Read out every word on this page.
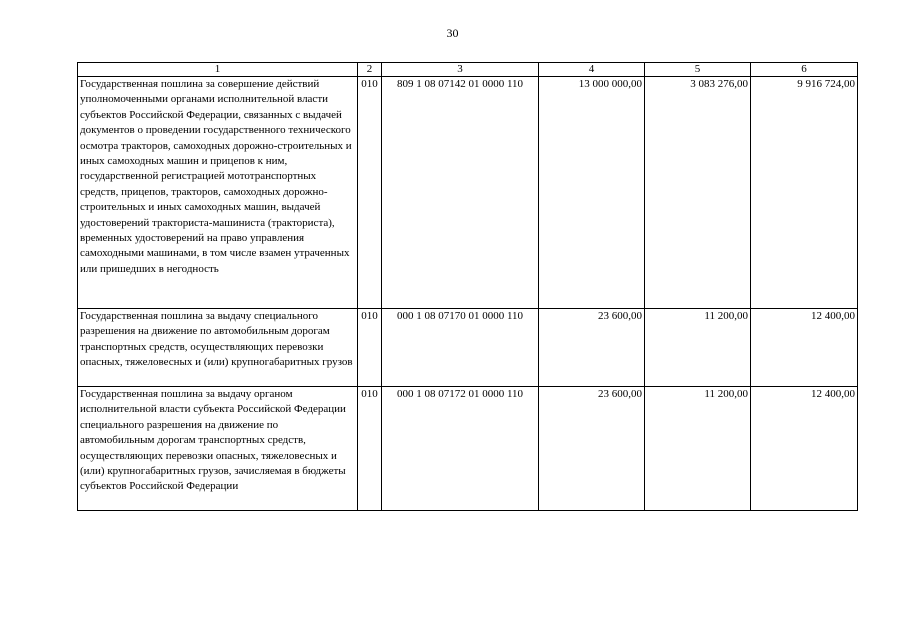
30
1	2	3	4	5	6

Государственная пошлина за совершение действий уполномоченными органами исполнительной власти субъектов Российской Федерации, связанных с выдачей документов о проведении государственного технического осмотра тракторов, самоходных дорожно-строительных и иных самоходных машин и прицепов к ним, государственной регистрацией мототранспортных средств, прицепов, тракторов, самоходных дорожно-строительных и иных самоходных машин, выдачей удостоверений тракториста-машиниста (тракториста), временных удостоверений на право управления самоходными машинами, в том числе взамен утраченных или пришедших в негодность	010	809 1 08 07142 01 0000 110	13 000 000,00	3 083 276,00	9 916 724,00

Государственная пошлина за выдачу специального разрешения на движение по автомобильным дорогам транспортных средств, осуществляющих перевозки опасных, тяжеловесных и (или) крупногабаритных грузов	010	000 1 08 07170 01 0000 110	23 600,00	11 200,00	12 400,00

Государственная пошлина за выдачу органом исполнительной власти субъекта Российской Федерации специального разрешения на движение по автомобильным дорогам транспортных средств, осуществляющих перевозки опасных, тяжеловесных и (или) крупногабаритных грузов, зачисляемая в бюджеты субъектов Российской Федерации	010	000 1 08 07172 01 0000 110	23 600,00	11 200,00	12 400,00
